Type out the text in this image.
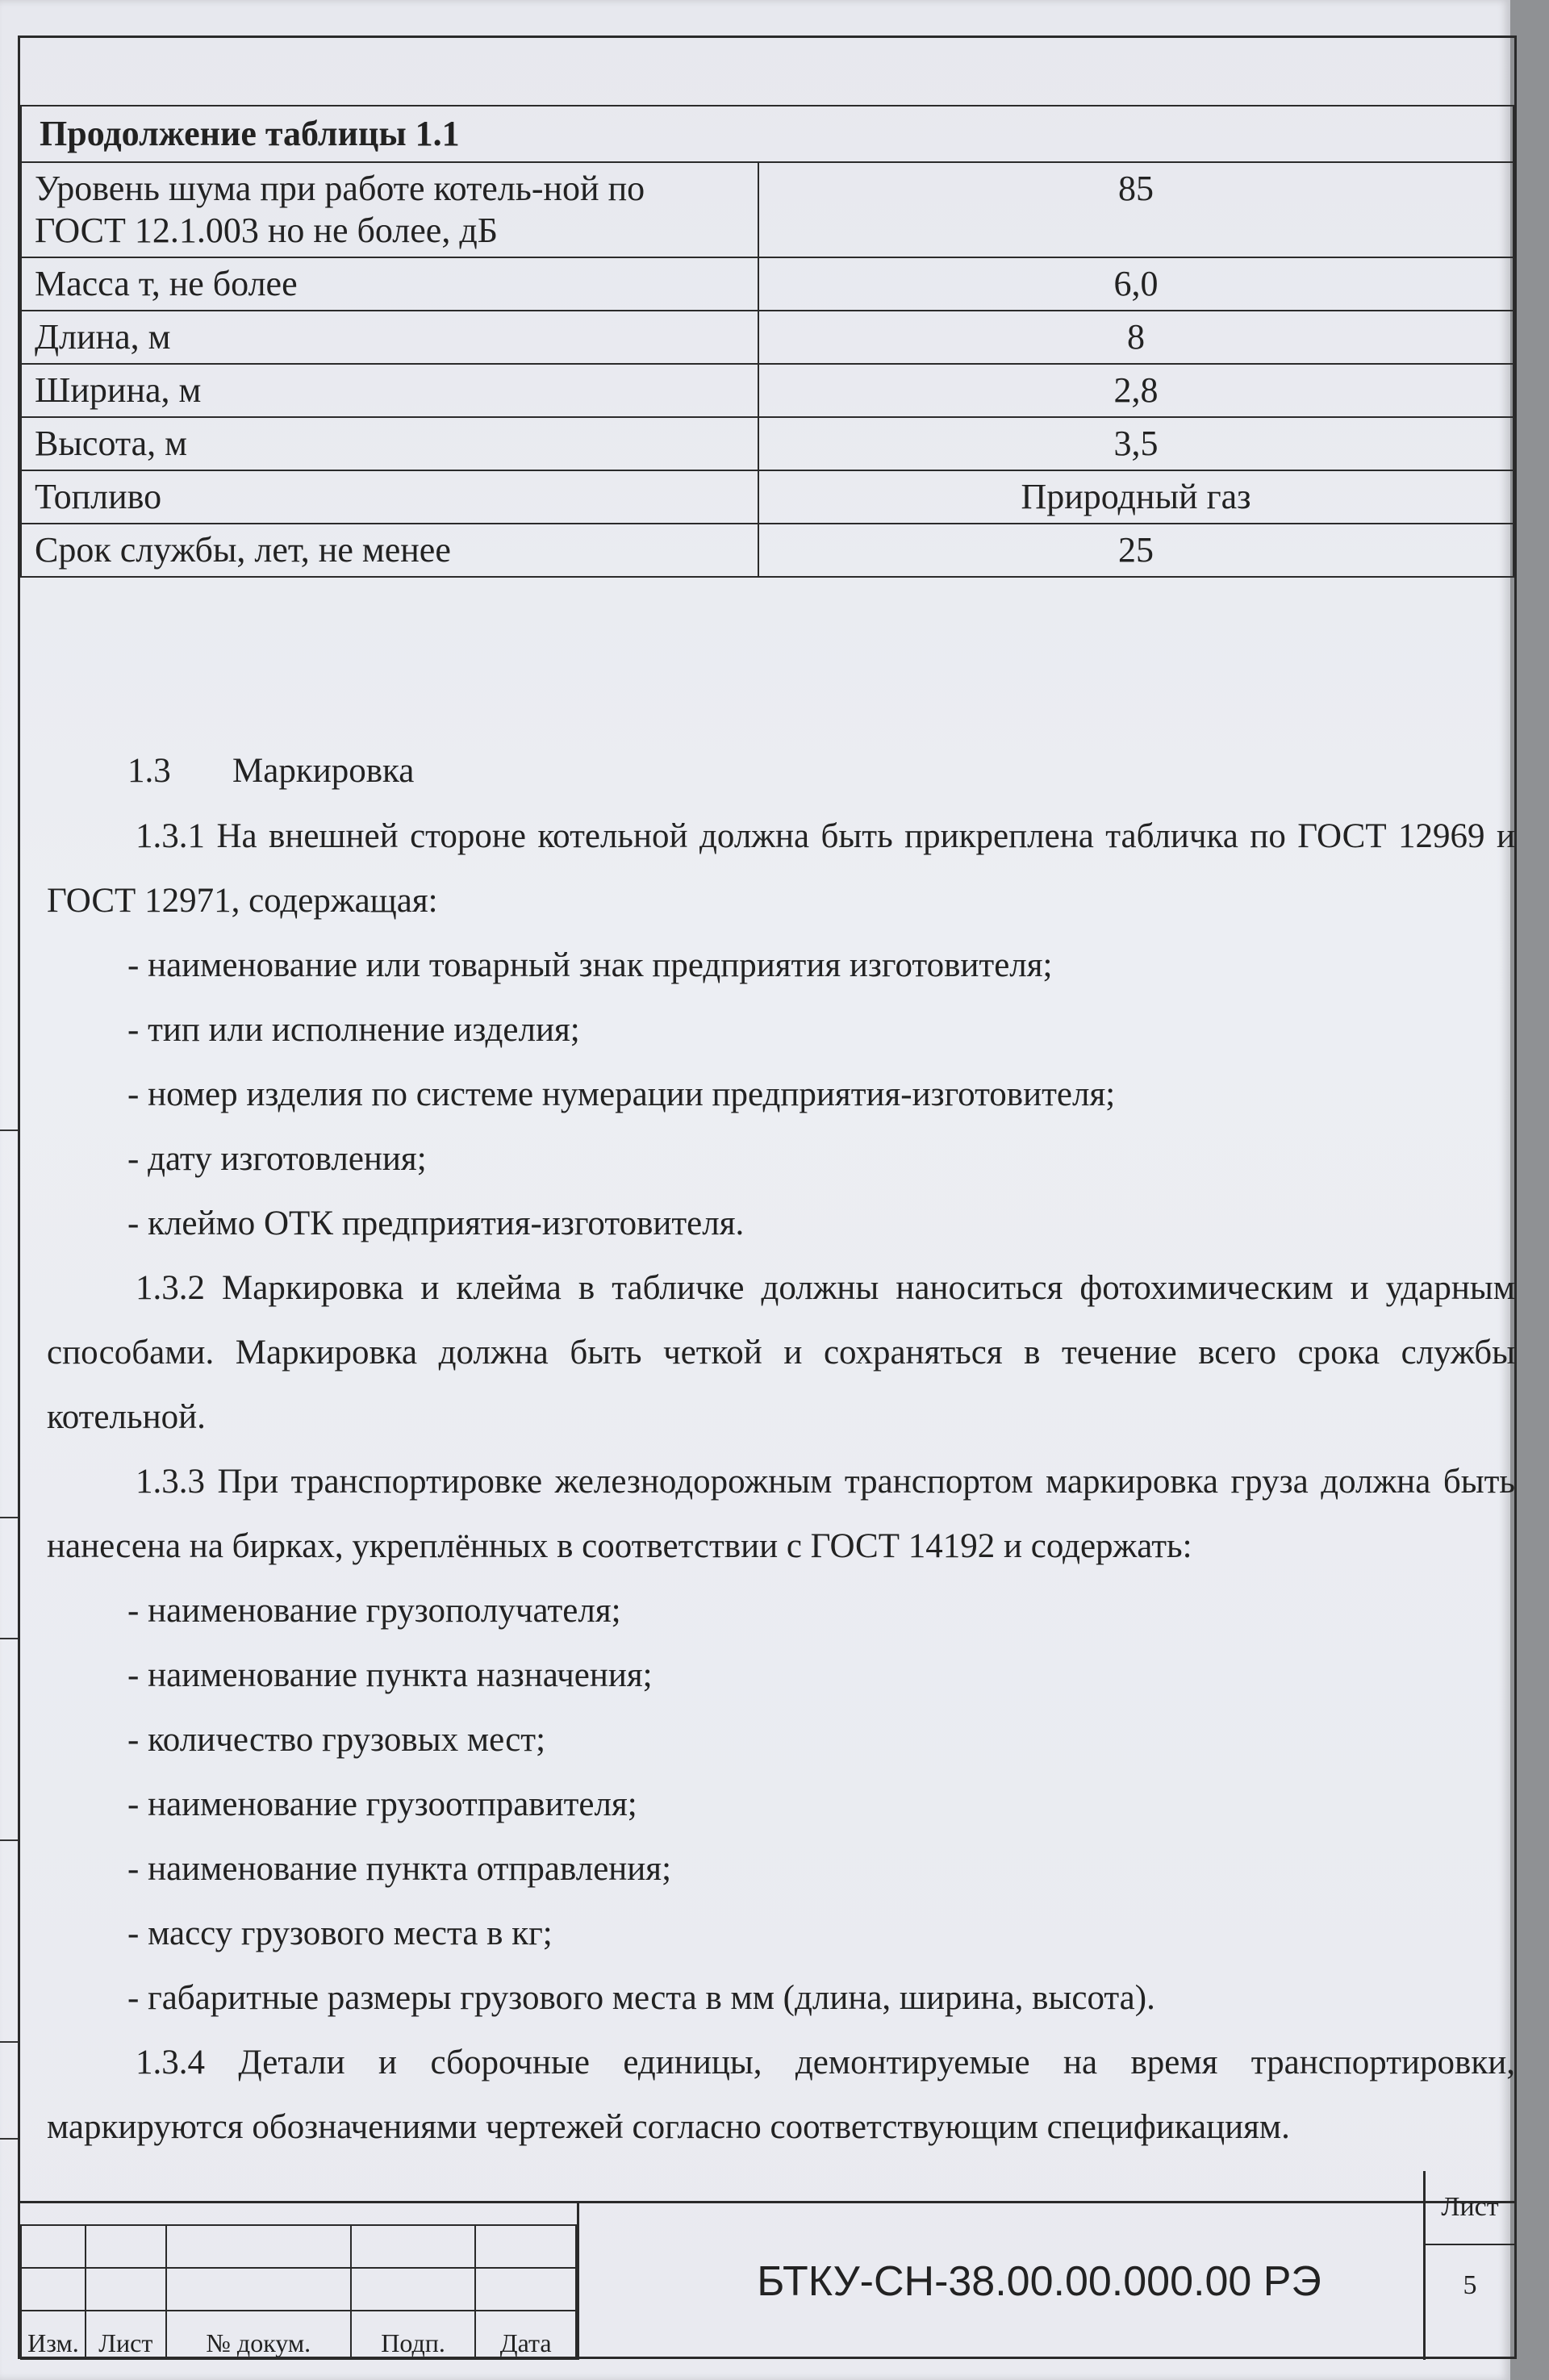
Продолжение таблицы 1.1	
Уровень шума при работе котель-ной по ГОСТ 12.1.003 но не более, дБ	85
Масса т, не более	6,0
Длина, м	8
Ширина, м	2,8
Высота, м	3,5
Топливо	Природный газ
Срок службы, лет, не менее	25
1.3 Маркировка

1.3.1 На внешней стороне котельной должна быть прикреплена табличка по ГОСТ 12969 и ГОСТ 12971, содержащая:

- наименование или товарный знак предприятия изготовителя;
- тип или исполнение изделия;
- номер изделия по системе нумерации предприятия-изготовителя;
- дату изготовления;
- клеймо ОТК предприятия-изготовителя.

1.3.2 Маркировка и клейма в табличке должны наноситься фотохимическим и ударным способами. Маркировка должна быть четкой и сохраняться в течение всего срока службы котельной.

1.3.3 При транспортировке железнодорожным транспортом маркировка груза должна быть нанесена на бирках, укреплённых в соответствии с ГОСТ 14192 и содержать:

- наименование грузополучателя;
- наименование пункта назначения;
- количество грузовых мест;
- наименование грузоотправителя;
- наименование пункта отправления;
- массу грузового места в кг;
- габаритные размеры грузового места в мм (длина, ширина, высота).

1.3.4 Детали и сборочные единицы, демонтируемые на время транспортировки, маркируются обозначениями чертежей согласно соответствующим спецификациям.

Изм.	Лист	№ докум.	Подп.	Дата
БТКУ-СН-38.00.00.000.00 РЭ
Лист
5
